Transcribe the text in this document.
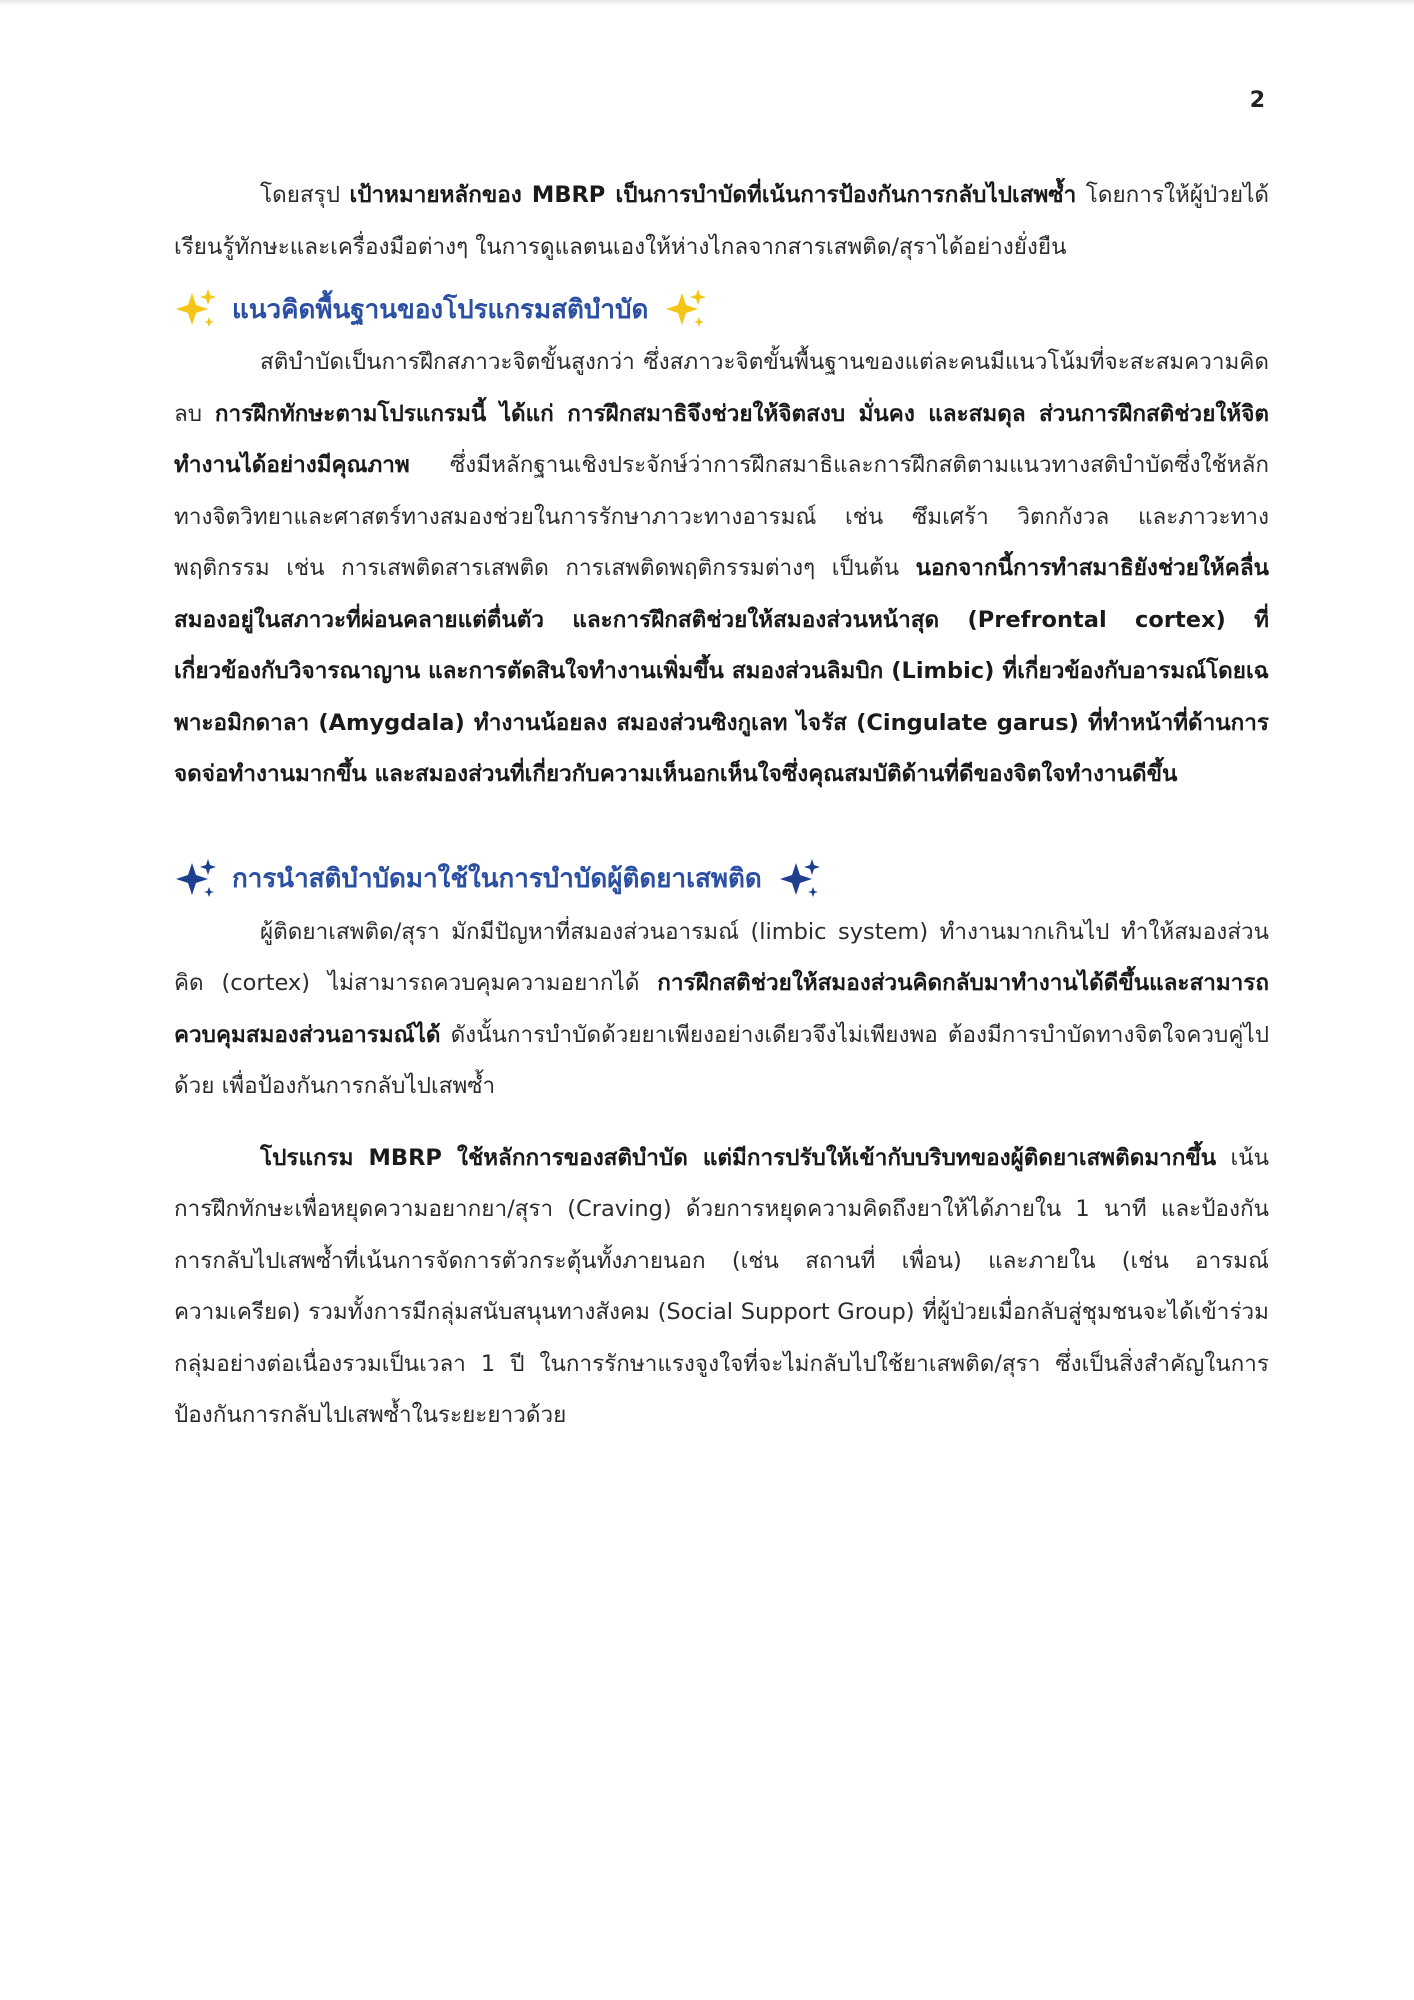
2

โดยสรุป เป้าหมายหลักของ MBRP เป็นการบำบัดที่เน้นการป้องกันการกลับไปเสพซ้ำ โดยการให้ผู้ป่วยได้เรียนรู้ทักษะและเครื่องมือต่างๆ ในการดูแลตนเองให้ห่างไกลจากสารเสพติด/สุราได้อย่างยั่งยืน

แนวคิดพื้นฐานของโปรแกรมสติบำบัด

สติบำบัดเป็นการฝึกสภาวะจิตขั้นสูงกว่า ซึ่งสภาวะจิตขั้นพื้นฐานของแต่ละคนมีแนวโน้มที่จะสะสมความคิดลบ การฝึกทักษะตามโปรแกรมนี้ ได้แก่ การฝึกสมาธิจึงช่วยให้จิตสงบ มั่นคง และสมดุล ส่วนการฝึกสติช่วยให้จิตทำงานได้อย่างมีคุณภาพ ซึ่งมีหลักฐานเชิงประจักษ์ว่าการฝึกสมาธิและการฝึกสติตามแนวทางสติบำบัดซึ่งใช้หลักทางจิตวิทยาและศาสตร์ทางสมองช่วยในการรักษาภาวะทางอารมณ์ เช่น ซึมเศร้า วิตกกังวล และภาวะทางพฤติกรรม เช่น การเสพติดสารเสพติด การเสพติดพฤติกรรมต่างๆ เป็นต้น นอกจากนี้การทำสมาธิยังช่วยให้คลื่นสมองอยู่ในสภาวะที่ผ่อนคลายแต่ตื่นตัว และการฝึกสติช่วยให้สมองส่วนหน้าสุด (Prefrontal cortex) ที่เกี่ยวข้องกับวิจารณาญาน และการตัดสินใจทำงานเพิ่มขึ้น สมองส่วนลิมบิก (Limbic) ที่เกี่ยวข้องกับอารมณ์โดยเฉพาะอมิกดาลา (Amygdala) ทำงานน้อยลง สมองส่วนซิงกูเลท ไจรัส (Cingulate garus) ที่ทำหน้าที่ด้านการจดจ่อทำงานมากขึ้น และสมองส่วนที่เกี่ยวกับความเห็นอกเห็นใจซึ่งคุณสมบัติด้านที่ดีของจิตใจทำงานดีขึ้น

การนำสติบำบัดมาใช้ในการบำบัดผู้ติดยาเสพติด

ผู้ติดยาเสพติด/สุรา มักมีปัญหาที่สมองส่วนอารมณ์ (limbic system) ทำงานมากเกินไป ทำให้สมองส่วนคิด (cortex) ไม่สามารถควบคุมความอยากได้ การฝึกสติช่วยให้สมองส่วนคิดกลับมาทำงานได้ดีขึ้นและสามารถควบคุมสมองส่วนอารมณ์ได้ ดังนั้นการบำบัดด้วยยาเพียงอย่างเดียวจึงไม่เพียงพอ ต้องมีการบำบัดทางจิตใจควบคู่ไปด้วย เพื่อป้องกันการกลับไปเสพซ้ำ

โปรแกรม MBRP ใช้หลักการของสติบำบัด แต่มีการปรับให้เข้ากับบริบทของผู้ติดยาเสพติดมากขึ้น เน้นการฝึกทักษะเพื่อหยุดความอยากยา/สุรา (Craving) ด้วยการหยุดความคิดถึงยาให้ได้ภายใน 1 นาที และป้องกันการกลับไปเสพซ้ำที่เน้นการจัดการตัวกระตุ้นทั้งภายนอก (เช่น สถานที่ เพื่อน) และภายใน (เช่น อารมณ์ ความเครียด) รวมทั้งการมีกลุ่มสนับสนุนทางสังคม (Social Support Group) ที่ผู้ป่วยเมื่อกลับสู่ชุมชนจะได้เข้าร่วมกลุ่มอย่างต่อเนื่องรวมเป็นเวลา 1 ปี ในการรักษาแรงจูงใจที่จะไม่กลับไปใช้ยาเสพติด/สุรา ซึ่งเป็นสิ่งสำคัญในการป้องกันการกลับไปเสพซ้ำในระยะยาวด้วย
